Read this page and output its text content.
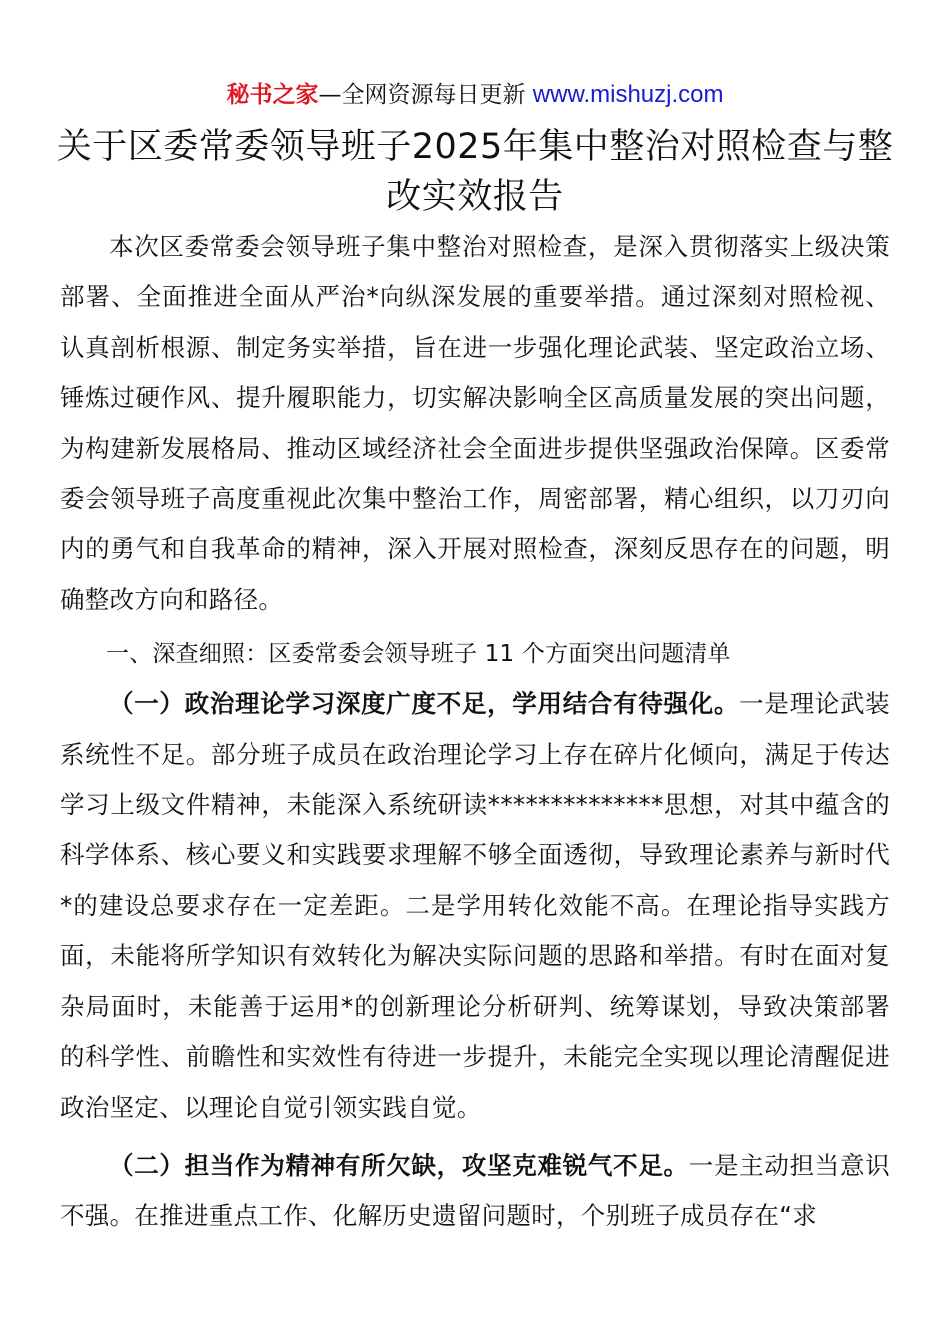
秘书之家—全网资源每日更新 www.mishuzj.com
关于区委常委领导班子2025年集中整治对照检查与整改实效报告

本次区委常委会领导班子集中整治对照检查，是深入贯彻落实上级决策部署、全面推进全面从严治*向纵深发展的重要举措。通过深刻对照检视、认真剖析根源、制定务实举措，旨在进一步强化理论武装、坚定政治立场、锤炼过硬作风、提升履职能力，切实解决影响全区高质量发展的突出问题，为构建新发展格局、推动区域经济社会全面进步提供坚强政治保障。区委常委会领导班子高度重视此次集中整治工作，周密部署，精心组织，以刀刃向内的勇气和自我革命的精神，深入开展对照检查，深刻反思存在的问题，明确整改方向和路径。

一、深查细照：区委常委会领导班子 11 个方面突出问题清单

（一）政治理论学习深度广度不足，学用结合有待强化。一是理论武装系统性不足。部分班子成员在政治理论学习上存在碎片化倾向，满足于传达学习上级文件精神，未能深入系统研读**************思想，对其中蕴含的科学体系、核心要义和实践要求理解不够全面透彻，导致理论素养与新时代*的建设总要求存在一定差距。二是学用转化效能不高。在理论指导实践方面，未能将所学知识有效转化为解决实际问题的思路和举措。有时在面对复杂局面时，未能善于运用*的创新理论分析研判、统筹谋划，导致决策部署的科学性、前瞻性和实效性有待进一步提升，未能完全实现以理论清醒促进政治坚定、以理论自觉引领实践自觉。

（二）担当作为精神有所欠缺，攻坚克难锐气不足。一是主动担当意识不强。在推进重点工作、化解历史遗留问题时，个别班子成员存在“求
